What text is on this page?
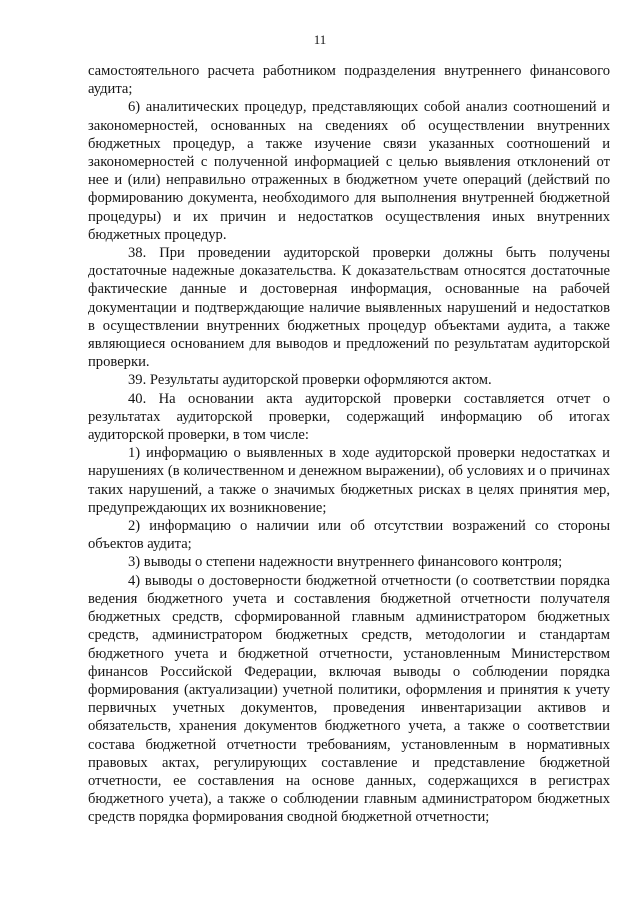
11

самостоятельного расчета работником подразделения внутреннего финансового аудита;

6) аналитических процедур, представляющих собой анализ соотношений и закономерностей, основанных на сведениях об осуществлении внутренних бюджетных процедур, а также изучение связи указанных соотношений и закономерностей с полученной информацией с целью выявления отклонений от нее и (или) неправильно отраженных в бюджетном учете операций (действий по формированию документа, необходимого для выполнения внутренней бюджетной процедуры) и их причин и недостатков осуществления иных внутренних бюджетных процедур.

38. При проведении аудиторской проверки должны быть получены достаточные надежные доказательства. К доказательствам относятся достаточные фактические данные и достоверная информация, основанные на рабочей документации и подтверждающие наличие выявленных нарушений и недостатков в осуществлении внутренних бюджетных процедур объектами аудита, а также являющиеся основанием для выводов и предложений по результатам аудиторской проверки.

39. Результаты аудиторской проверки оформляются актом.

40. На основании акта аудиторской проверки составляется отчет о результатах аудиторской проверки, содержащий информацию об итогах аудиторской проверки, в том числе:

1) информацию о выявленных в ходе аудиторской проверки недостатках и нарушениях (в количественном и денежном выражении), об условиях и о причинах таких нарушений, а также о значимых бюджетных рисках в целях принятия мер, предупреждающих их возникновение;

2) информацию о наличии или об отсутствии возражений со стороны объектов аудита;

3) выводы о степени надежности внутреннего финансового контроля;

4) выводы о достоверности бюджетной отчетности (о соответствии порядка ведения бюджетного учета и составления бюджетной отчетности получателя бюджетных средств, сформированной главным администратором бюджетных средств, администратором бюджетных средств, методологии и стандартам бюджетного учета и бюджетной отчетности, установленным Министерством финансов Российской Федерации, включая выводы о соблюдении порядка формирования (актуализации) учетной политики, оформления и принятия к учету первичных учетных документов, проведения инвентаризации активов и обязательств, хранения документов бюджетного учета, а также о соответствии состава бюджетной отчетности требованиям, установленным в нормативных правовых актах, регулирующих составление и представление бюджетной отчетности, ее составления на основе данных, содержащихся в регистрах бюджетного учета), а также о соблюдении главным администратором бюджетных средств порядка формирования сводной бюджетной отчетности;
